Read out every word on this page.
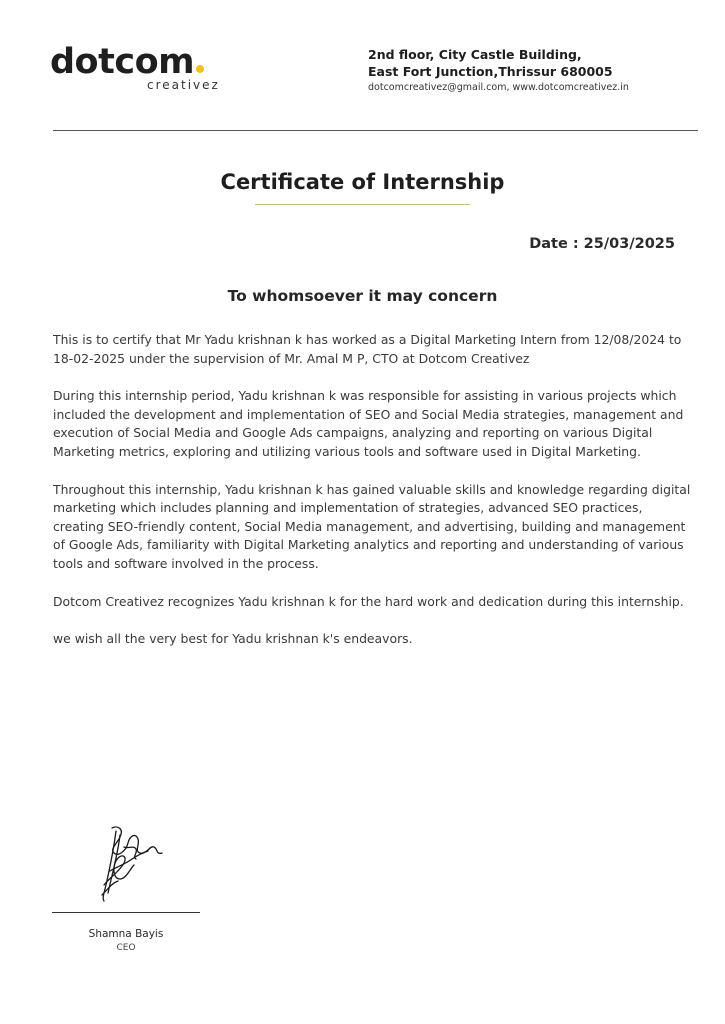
dotcom
creativez
2nd floor, City Castle Building,
East Fort Junction,Thrissur 680005
dotcomcreativez@gmail.com, www.dotcomcreativez.in
Certificate of Internship
Date : 25/03/2025
To whomsoever it may concern

This is to certify that Mr Yadu krishnan k has worked as a Digital Marketing Intern from 12/08/2024 to 18-02-2025 under the supervision of Mr. Amal M P, CTO at Dotcom Creativez

During this internship period, Yadu krishnan k was responsible for assisting in various projects which included the development and implementation of SEO and Social Media strategies, management and execution of Social Media and Google Ads campaigns, analyzing and reporting on various Digital Marketing metrics, exploring and utilizing various tools and software used in Digital Marketing.

Throughout this internship, Yadu krishnan k has gained valuable skills and knowledge regarding digital marketing which includes planning and implementation of strategies, advanced SEO practices, creating SEO-friendly content, Social Media management, and advertising, building and management of Google Ads, familiarity with Digital Marketing analytics and reporting and understanding of various tools and software involved in the process.

Dotcom Creativez recognizes Yadu krishnan k for the hard work and dedication during this internship.

we wish all the very best for Yadu krishnan k's endeavors.

Shamna Bayis
CEO
